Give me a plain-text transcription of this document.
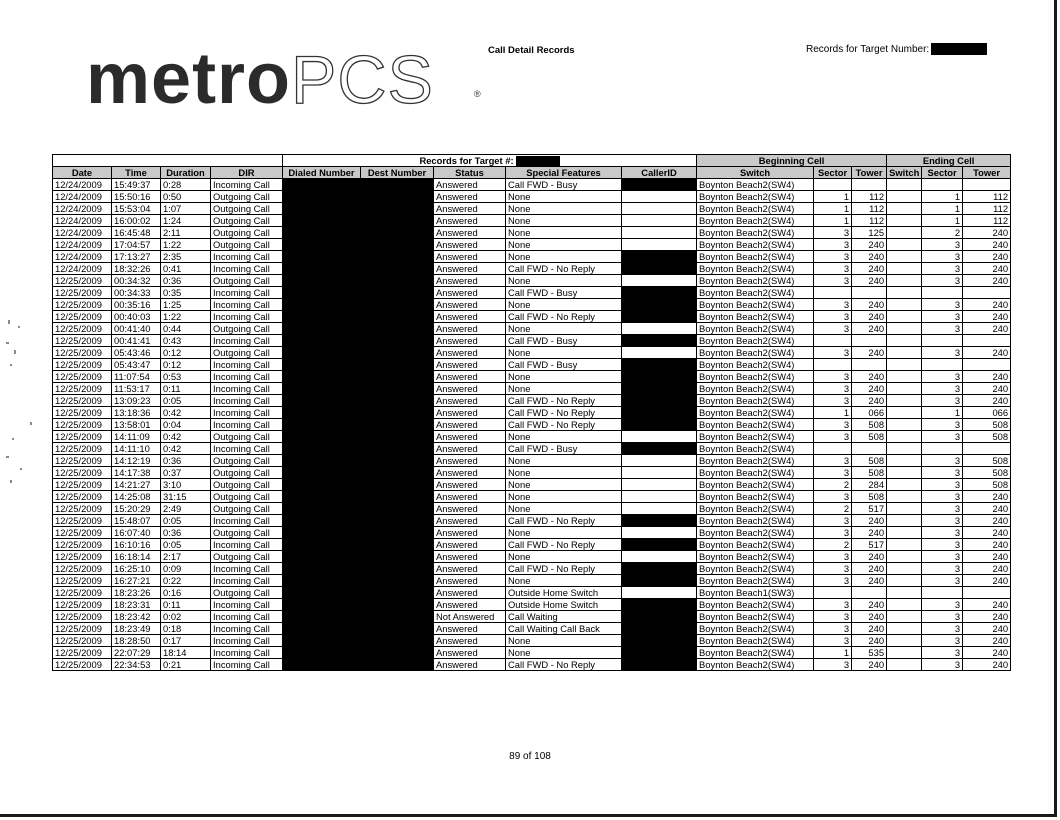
metroPCS	®
Call Detail Records	Records for Target Number:
				Records for Target #:					Beginning Cell			Ending Cell		
Date	Time	Duration	DIR	Dialed Number	Dest Number	Status	Special Features	CallerID	Switch	Sector	Tower	Switch	Sector	Tower
12/24/2009	15:49:37	0:28	Incoming Call			Answered	Call FWD - Busy		Boynton Beach2(SW4)					
12/24/2009	15:50:16	0:50	Outgoing Call			Answered	None		Boynton Beach2(SW4)	1	112		1	112
12/24/2009	15:53:04	1:07	Outgoing Call			Answered	None		Boynton Beach2(SW4)	1	112		1	112
12/24/2009	16:00:02	1:24	Outgoing Call			Answered	None		Boynton Beach2(SW4)	1	112		1	112
12/24/2009	16:45:48	2:11	Outgoing Call			Answered	None		Boynton Beach2(SW4)	3	125		2	240
12/24/2009	17:04:57	1:22	Outgoing Call			Answered	None		Boynton Beach2(SW4)	3	240		3	240
12/24/2009	17:13:27	2:35	Incoming Call			Answered	None		Boynton Beach2(SW4)	3	240		3	240
12/24/2009	18:32:26	0:41	Incoming Call			Answered	Call FWD - No Reply		Boynton Beach2(SW4)	3	240		3	240
12/25/2009	00:34:32	0:36	Outgoing Call			Answered	None		Boynton Beach2(SW4)	3	240		3	240
12/25/2009	00:34:33	0:35	Incoming Call			Answered	Call FWD - Busy		Boynton Beach2(SW4)					
12/25/2009	00:35:16	1:25	Incoming Call			Answered	None		Boynton Beach2(SW4)	3	240		3	240
12/25/2009	00:40:03	1:22	Incoming Call			Answered	Call FWD - No Reply		Boynton Beach2(SW4)	3	240		3	240
12/25/2009	00:41:40	0:44	Outgoing Call			Answered	None		Boynton Beach2(SW4)	3	240		3	240
12/25/2009	00:41:41	0:43	Incoming Call			Answered	Call FWD - Busy		Boynton Beach2(SW4)					
12/25/2009	05:43:46	0:12	Outgoing Call			Answered	None		Boynton Beach2(SW4)	3	240		3	240
12/25/2009	05:43:47	0:12	Incoming Call			Answered	Call FWD - Busy		Boynton Beach2(SW4)					
12/25/2009	11:07:54	0:53	Incoming Call			Answered	None		Boynton Beach2(SW4)	3	240		3	240
12/25/2009	11:53:17	0:11	Incoming Call			Answered	None		Boynton Beach2(SW4)	3	240		3	240
12/25/2009	13:09:23	0:05	Incoming Call			Answered	Call FWD - No Reply		Boynton Beach2(SW4)	3	240		3	240
12/25/2009	13:18:36	0:42	Incoming Call			Answered	Call FWD - No Reply		Boynton Beach2(SW4)	1	066		1	066
12/25/2009	13:58:01	0:04	Incoming Call			Answered	Call FWD - No Reply		Boynton Beach2(SW4)	3	508		3	508
12/25/2009	14:11:09	0:42	Outgoing Call			Answered	None		Boynton Beach2(SW4)	3	508		3	508
12/25/2009	14:11:10	0:42	Incoming Call			Answered	Call FWD - Busy		Boynton Beach2(SW4)					
12/25/2009	14:12:19	0:36	Outgoing Call			Answered	None		Boynton Beach2(SW4)	3	508		3	508
12/25/2009	14:17:38	0:37	Outgoing Call			Answered	None		Boynton Beach2(SW4)	3	508		3	508
12/25/2009	14:21:27	3:10	Outgoing Call			Answered	None		Boynton Beach2(SW4)	2	284		3	508
12/25/2009	14:25:08	31:15	Outgoing Call			Answered	None		Boynton Beach2(SW4)	3	508		3	240
12/25/2009	15:20:29	2:49	Outgoing Call			Answered	None		Boynton Beach2(SW4)	2	517		3	240
12/25/2009	15:48:07	0:05	Incoming Call			Answered	Call FWD - No Reply		Boynton Beach2(SW4)	3	240		3	240
12/25/2009	16:07:40	0:36	Outgoing Call			Answered	None		Boynton Beach2(SW4)	3	240		3	240
12/25/2009	16:10:16	0:05	Incoming Call			Answered	Call FWD - No Reply		Boynton Beach2(SW4)	2	517		3	240
12/25/2009	16:18:14	2:17	Outgoing Call			Answered	None		Boynton Beach2(SW4)	3	240		3	240
12/25/2009	16:25:10	0:09	Incoming Call			Answered	Call FWD - No Reply		Boynton Beach2(SW4)	3	240		3	240
12/25/2009	16:27:21	0:22	Incoming Call			Answered	None		Boynton Beach2(SW4)	3	240		3	240
12/25/2009	18:23:26	0:16	Outgoing Call			Answered	Outside Home Switch		Boynton Beach1(SW3)					
12/25/2009	18:23:31	0:11	Incoming Call			Answered	Outside Home Switch		Boynton Beach2(SW4)	3	240		3	240
12/25/2009	18:23:42	0:02	Incoming Call			Not Answered	Call Waiting		Boynton Beach2(SW4)	3	240		3	240
12/25/2009	18:23:49	0:18	Incoming Call			Answered	Call Waiting Call Back		Boynton Beach2(SW4)	3	240		3	240
12/25/2009	18:28:50	0:17	Incoming Call			Answered	None		Boynton Beach2(SW4)	3	240		3	240
12/25/2009	22:07:29	18:14	Incoming Call			Answered	None		Boynton Beach2(SW4)	1	535		3	240
12/25/2009	22:34:53	0:21	Incoming Call			Answered	Call FWD - No Reply		Boynton Beach2(SW4)	3	240		3	240
89 of 108
